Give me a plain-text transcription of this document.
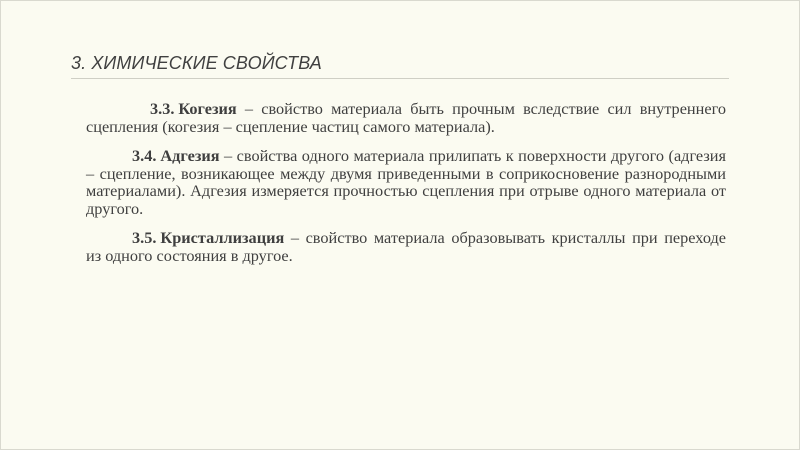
3. ХИМИЧЕСКИЕ СВОЙСТВА

3.3. Когезия – свойство материала быть прочным вследствие сил внутреннего сцепления (когезия – сцепление частиц самого материала).

3.4. Адгезия – свойства одного материала прилипать к поверхности другого (адгезия – сцепление, возникающее между двумя приведенными в соприкосновение разнородными материалами). Адгезия измеряется прочностью сцепления при отрыве одного материала от другого.

3.5. Кристаллизация – свойство материала образовывать кристаллы при переходе из одного состояния в другое.
